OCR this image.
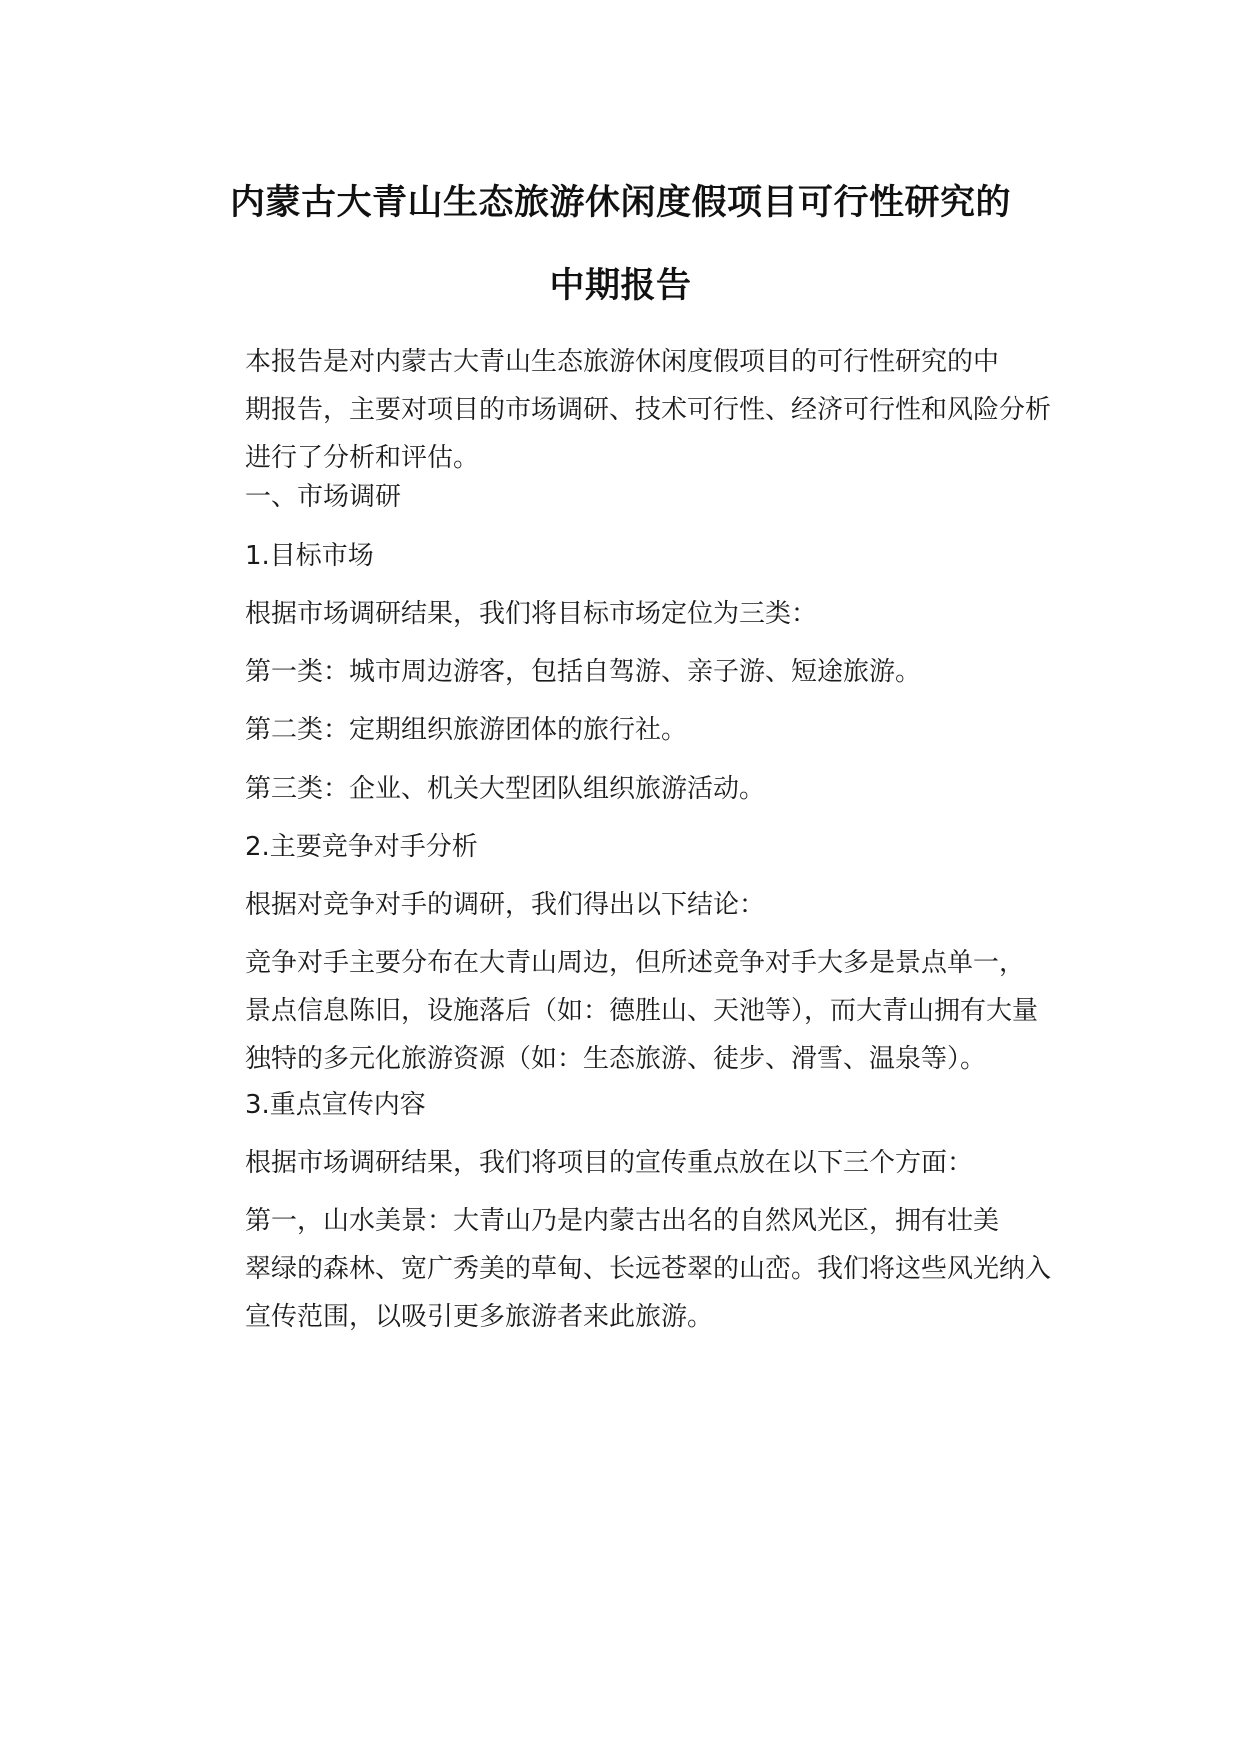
内蒙古大青山生态旅游休闲度假项目可行性研究的
中期报告

本报告是对内蒙古大青山生态旅游休闲度假项目的可行性研究的中
期报告，主要对项目的市场调研、技术可行性、经济可行性和风险分析
进行了分析和评估。

一、市场调研

1.目标市场

根据市场调研结果，我们将目标市场定位为三类：

第一类：城市周边游客，包括自驾游、亲子游、短途旅游。

第二类：定期组织旅游团体的旅行社。

第三类：企业、机关大型团队组织旅游活动。

2.主要竞争对手分析

根据对竞争对手的调研，我们得出以下结论：

竞争对手主要分布在大青山周边，但所述竞争对手大多是景点单一，
景点信息陈旧，设施落后（如：德胜山、天池等），而大青山拥有大量
独特的多元化旅游资源（如：生态旅游、徒步、滑雪、温泉等）。

3.重点宣传内容

根据市场调研结果，我们将项目的宣传重点放在以下三个方面：

第一，山水美景：大青山乃是内蒙古出名的自然风光区，拥有壮美
翠绿的森林、宽广秀美的草甸、长远苍翠的山峦。我们将这些风光纳入
宣传范围，以吸引更多旅游者来此旅游。
